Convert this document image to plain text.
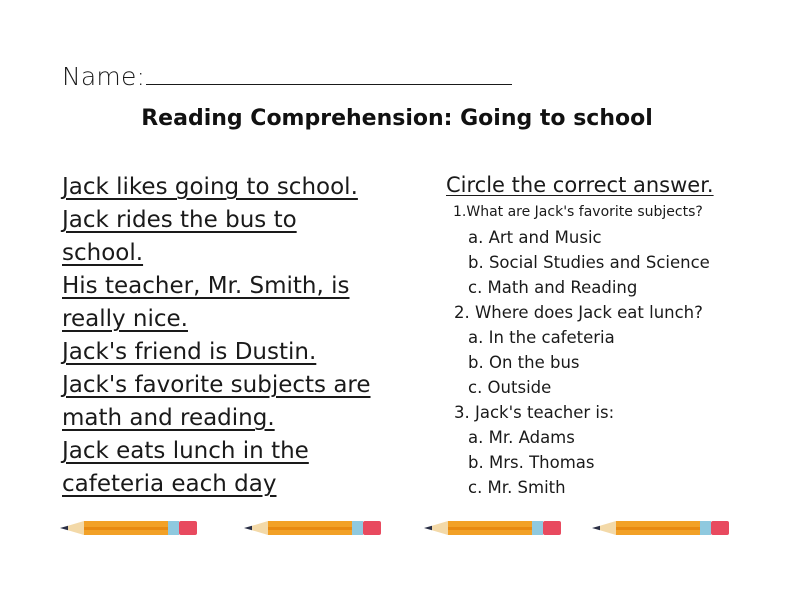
Name:
Reading Comprehension: Going to school
Jack likes going to school.
Jack rides the bus to
school.
His teacher, Mr. Smith, is
really nice.
Jack's friend is Dustin.
Jack's favorite subjects are
math and reading.
Jack eats lunch in the
cafeteria each day
Circle the correct answer.
1.What are Jack's favorite subjects?
a. Art and Music
b. Social Studies and Science
c. Math and Reading
2. Where does Jack eat lunch?
a. In the cafeteria
b. On the bus
c. Outside
3. Jack's teacher is:
a. Mr. Adams
b. Mrs. Thomas
c. Mr. Smith
